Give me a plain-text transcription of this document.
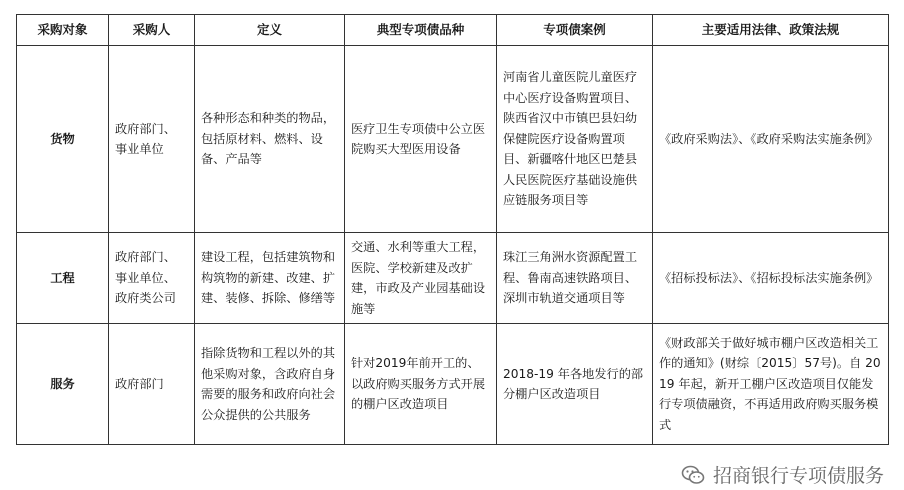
采购对象	采购人	定义	典型专项债品种	专项债案例	主要适用法律、政策法规
货物	政府部门、事业单位	各种形态和种类的物品，包括原材料、燃料、设备、产品等	医疗卫生专项债中公立医院购买大型医用设备	河南省儿童医院儿童医疗中心医疗设备购置项目、陕西省汉中市镇巴县妇幼保健院医疗设备购置项目、新疆喀什地区巴楚县人民医院医疗基础设施供应链服务项目等	《政府采购法》、《政府采购法实施条例》
工程	政府部门、事业单位、政府类公司	建设工程，包括建筑物和构筑物的新建、改建、扩建、装修、拆除、修缮等	交通、水利等重大工程，医院、学校新建及改扩建，市政及产业园基础设施等	珠江三角洲水资源配置工程、鲁南高速铁路项目、深圳市轨道交通项目等	《招标投标法》、《招标投标法实施条例》
服务	政府部门	指除货物和工程以外的其他采购对象，含政府自身需要的服务和政府向社会公众提供的公共服务	针对2019年前开工的、以政府购买服务方式开展的棚户区改造项目	2018-19 年各地发行的部分棚户区改造项目	《财政部关于做好城市棚户区改造相关工作的通知》(财综〔2015〕57号)。自 2019 年起，新开工棚户区改造项目仅能发行专项债融资，不再适用政府购买服务模式
招商银行专项债服务
